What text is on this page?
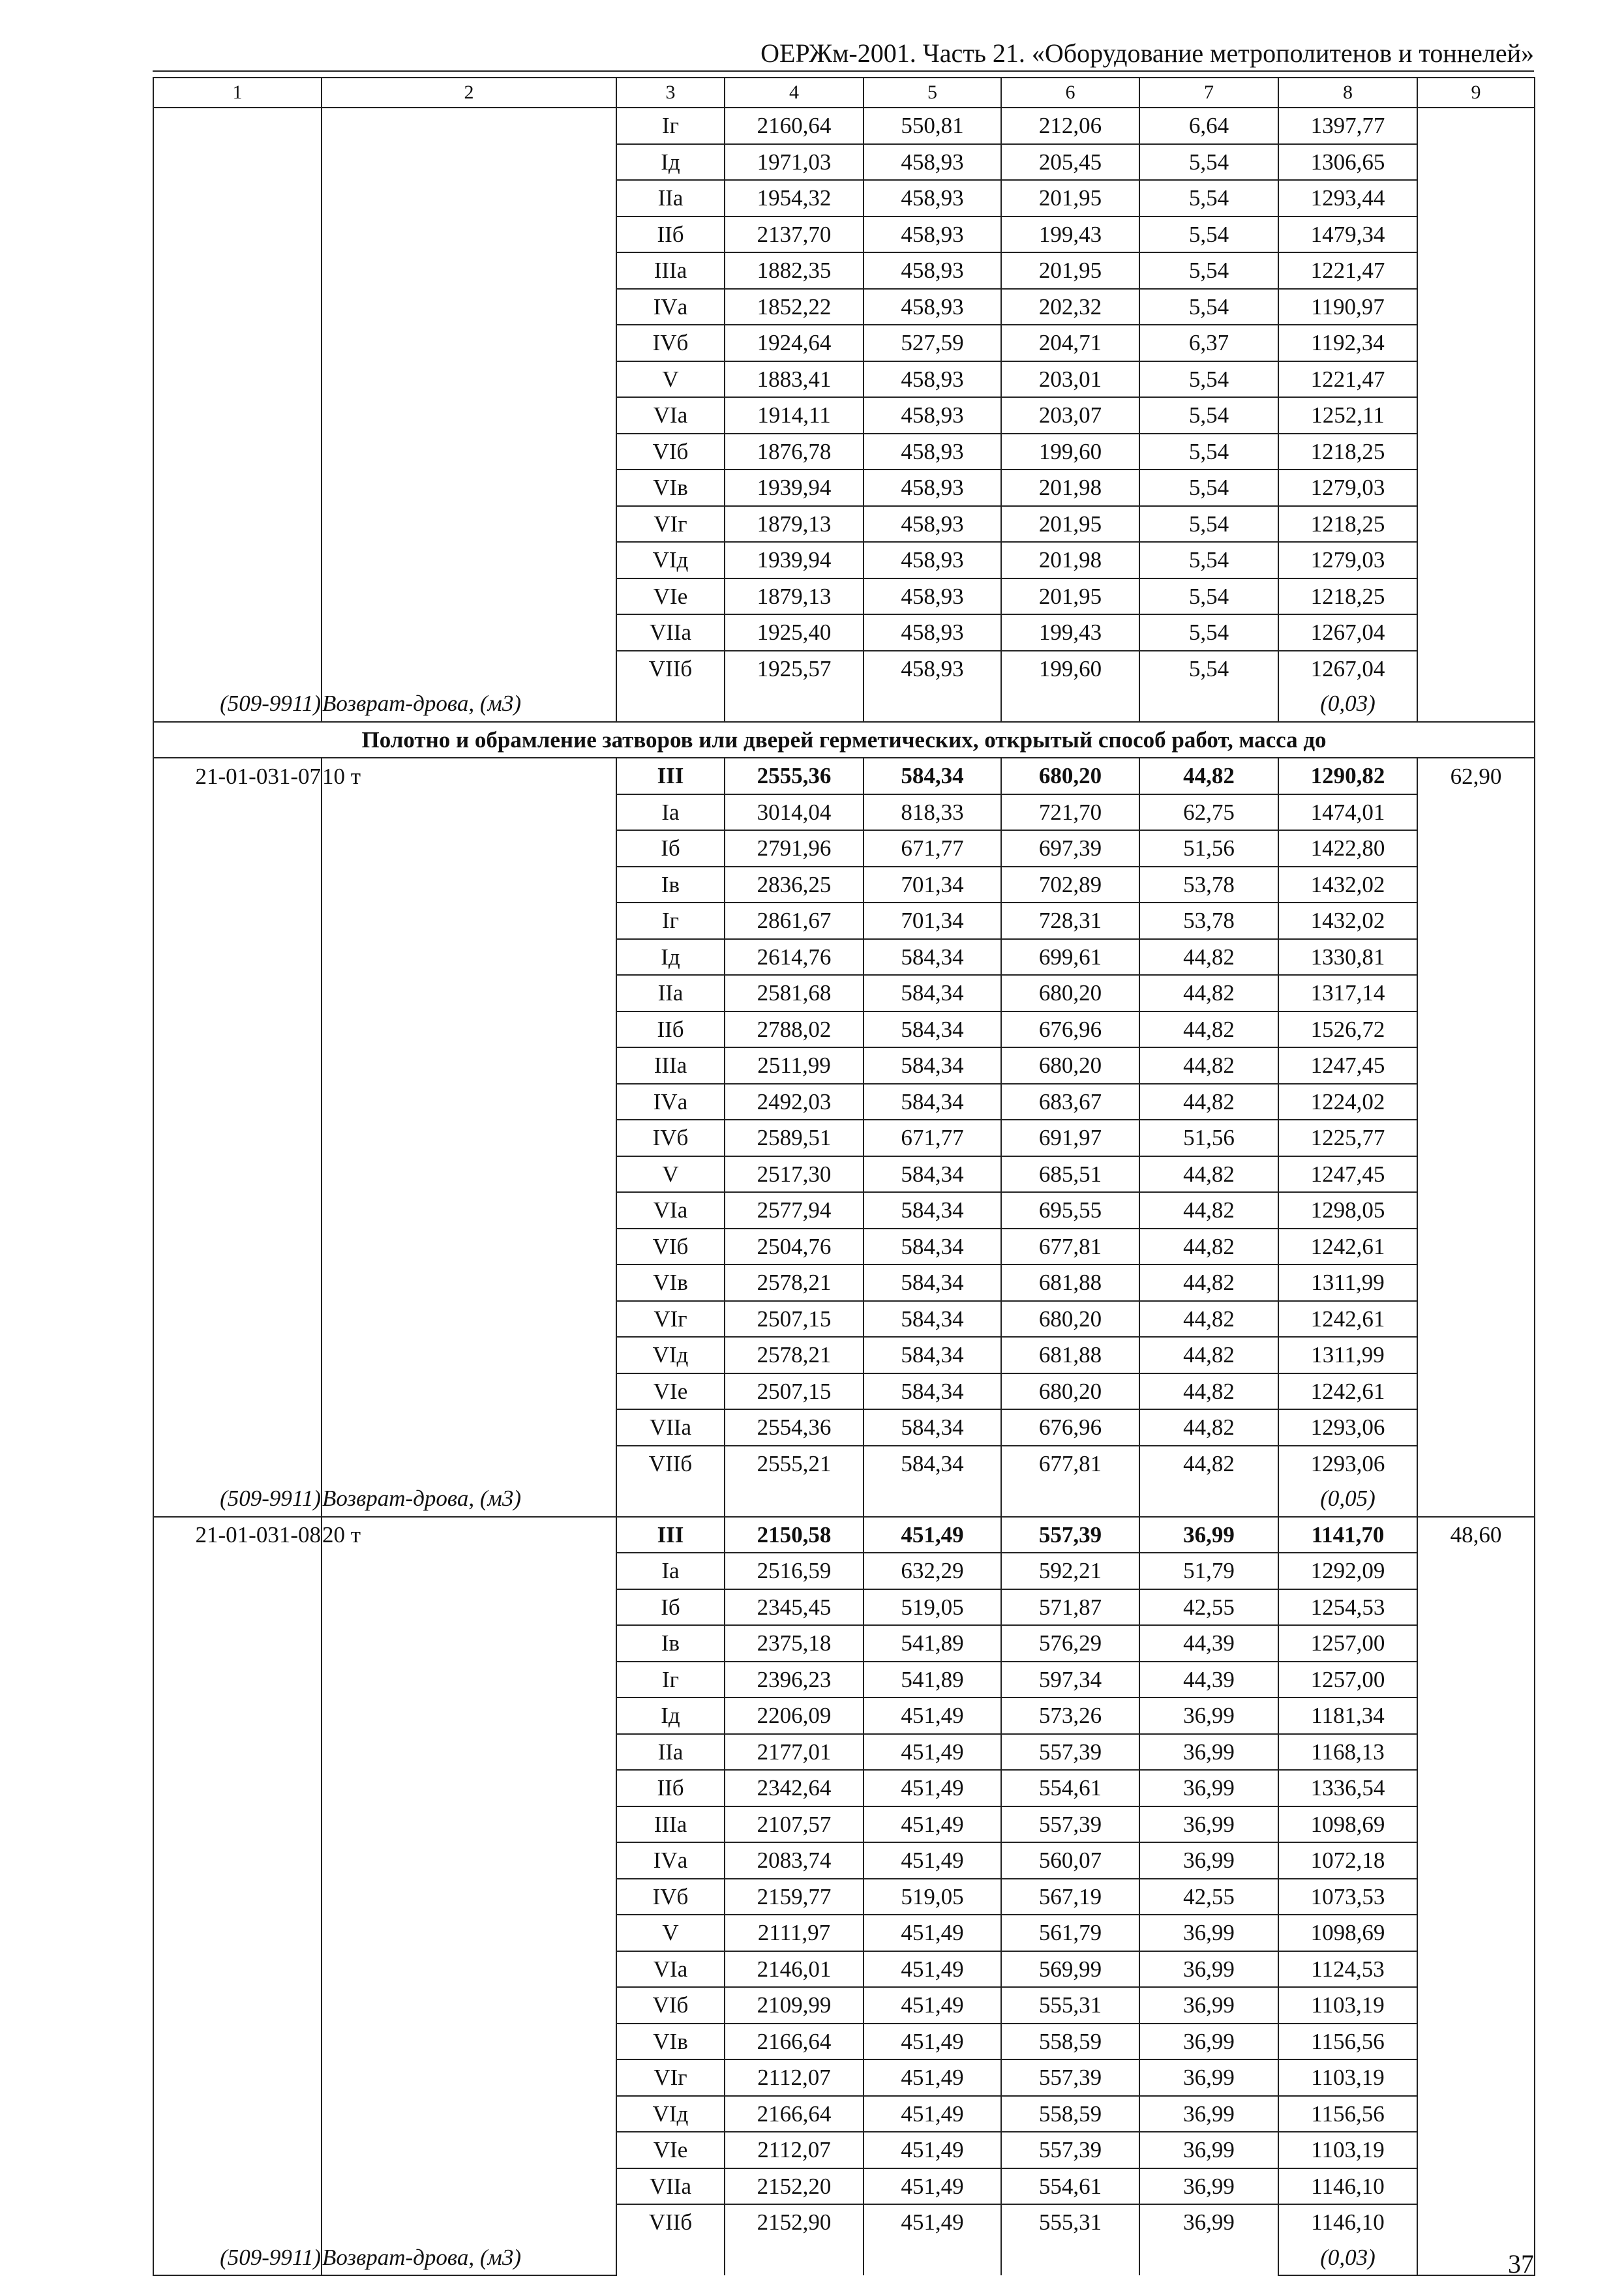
ОЕРЖм-2001. Часть 21. «Оборудование метрополитенов и тоннелей»
1	2	3	4	5	6	7	8	9
		Iг	2160,64	550,81	212,06	6,64	1397,77	
		Iд	1971,03	458,93	205,45	5,54	1306,65	
		IIа	1954,32	458,93	201,95	5,54	1293,44	
		IIб	2137,70	458,93	199,43	5,54	1479,34	
		IIIа	1882,35	458,93	201,95	5,54	1221,47	
		IVа	1852,22	458,93	202,32	5,54	1190,97	
		IVб	1924,64	527,59	204,71	6,37	1192,34	
		V	1883,41	458,93	203,01	5,54	1221,47	
		VIа	1914,11	458,93	203,07	5,54	1252,11	
		VIб	1876,78	458,93	199,60	5,54	1218,25	
		VIв	1939,94	458,93	201,98	5,54	1279,03	
		VIг	1879,13	458,93	201,95	5,54	1218,25	
		VIд	1939,94	458,93	201,98	5,54	1279,03	
		VIе	1879,13	458,93	201,95	5,54	1218,25	
		VIIа	1925,40	458,93	199,43	5,54	1267,04	
		VIIб	1925,57	458,93	199,60	5,54	1267,04	
(509-9911)	Возврат-дрова, (м3)						(0,03)	
Полотно и обрамление затворов или дверей герметических, открытый способ работ, масса до								
21-01-031-07	10 т	III	2555,36	584,34	680,20	44,82	1290,82	62,90
		Iа	3014,04	818,33	721,70	62,75	1474,01	
		Iб	2791,96	671,77	697,39	51,56	1422,80	
		Iв	2836,25	701,34	702,89	53,78	1432,02	
		Iг	2861,67	701,34	728,31	53,78	1432,02	
		Iд	2614,76	584,34	699,61	44,82	1330,81	
		IIа	2581,68	584,34	680,20	44,82	1317,14	
		IIб	2788,02	584,34	676,96	44,82	1526,72	
		IIIа	2511,99	584,34	680,20	44,82	1247,45	
		IVа	2492,03	584,34	683,67	44,82	1224,02	
		IVб	2589,51	671,77	691,97	51,56	1225,77	
		V	2517,30	584,34	685,51	44,82	1247,45	
		VIа	2577,94	584,34	695,55	44,82	1298,05	
		VIб	2504,76	584,34	677,81	44,82	1242,61	
		VIв	2578,21	584,34	681,88	44,82	1311,99	
		VIг	2507,15	584,34	680,20	44,82	1242,61	
		VIд	2578,21	584,34	681,88	44,82	1311,99	
		VIе	2507,15	584,34	680,20	44,82	1242,61	
		VIIа	2554,36	584,34	676,96	44,82	1293,06	
		VIIб	2555,21	584,34	677,81	44,82	1293,06	
(509-9911)	Возврат-дрова, (м3)						(0,05)	
21-01-031-08	20 т	III	2150,58	451,49	557,39	36,99	1141,70	48,60
		Iа	2516,59	632,29	592,21	51,79	1292,09	
		Iб	2345,45	519,05	571,87	42,55	1254,53	
		Iв	2375,18	541,89	576,29	44,39	1257,00	
		Iг	2396,23	541,89	597,34	44,39	1257,00	
		Iд	2206,09	451,49	573,26	36,99	1181,34	
		IIа	2177,01	451,49	557,39	36,99	1168,13	
		IIб	2342,64	451,49	554,61	36,99	1336,54	
		IIIа	2107,57	451,49	557,39	36,99	1098,69	
		IVа	2083,74	451,49	560,07	36,99	1072,18	
		IVб	2159,77	519,05	567,19	42,55	1073,53	
		V	2111,97	451,49	561,79	36,99	1098,69	
		VIа	2146,01	451,49	569,99	36,99	1124,53	
		VIб	2109,99	451,49	555,31	36,99	1103,19	
		VIв	2166,64	451,49	558,59	36,99	1156,56	
		VIг	2112,07	451,49	557,39	36,99	1103,19	
		VIд	2166,64	451,49	558,59	36,99	1156,56	
		VIе	2112,07	451,49	557,39	36,99	1103,19	
		VIIа	2152,20	451,49	554,61	36,99	1146,10	
		VIIб	2152,90	451,49	555,31	36,99	1146,10	
(509-9911)	Возврат-дрова, (м3)						(0,03)		37
